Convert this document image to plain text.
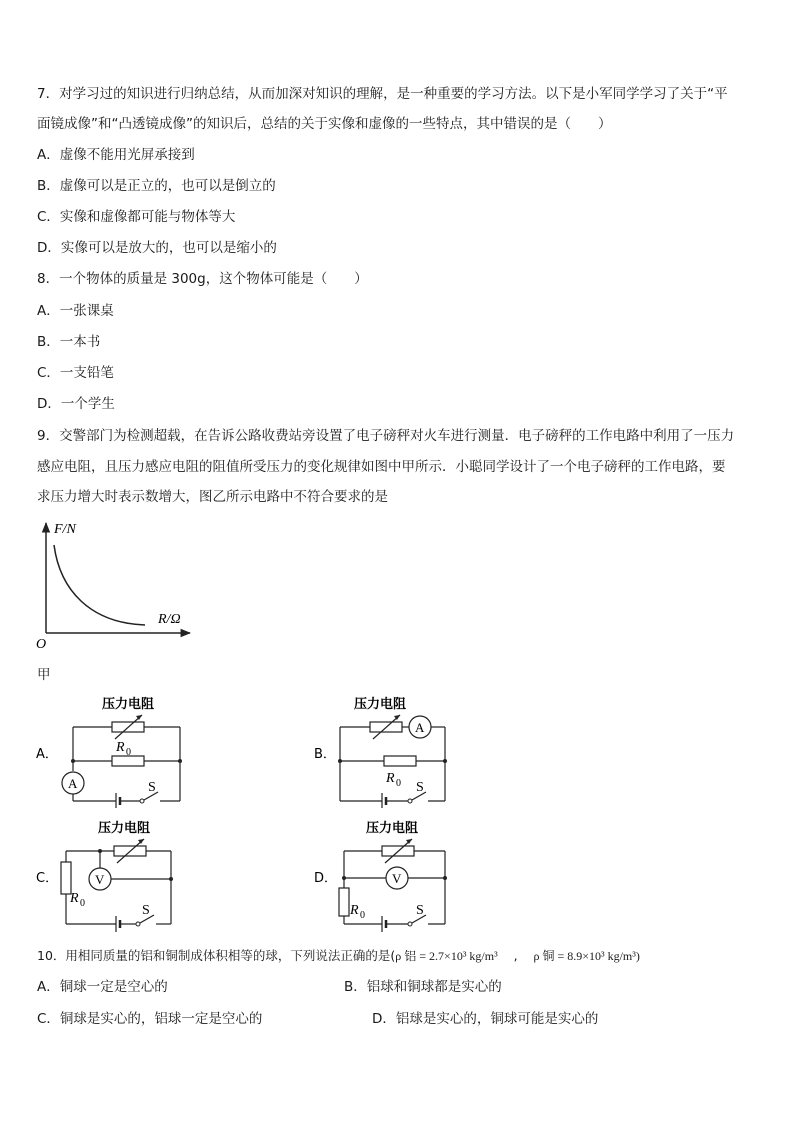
7．对学习过的知识进行归纳总结，从而加深对知识的理解，是一种重要的学习方法。以下是小军同学学习了关于“平
面镜成像”和“凸透镜成像”的知识后，总结的关于实像和虚像的一些特点，其中错误的是（　　）
A．虚像不能用光屏承接到
B．虚像可以是正立的，也可以是倒立的
C．实像和虚像都可能与物体等大
D．实像可以是放大的，也可以是缩小的
8．一个物体的质量是 300g，这个物体可能是（　　）
A．一张课桌
B．一本书
C．一支铅笔
D．一个学生
9．交警部门为检测超载，在告诉公路收费站旁设置了电子磅秤对火车进行测量．电子磅秤的工作电路中利用了一压力
感应电阻，且压力感应电阻的阻值所受压力的变化规律如图中甲所示．小聪同学设计了一个电子磅秤的工作电路，要
求压力增大时表示数增大，图乙所示电路中不符合要求的是
F/N
R/Ω
O
甲
A．
压力电阻
R 0
A	S
B．
压力电阻
A
R 0 S
C．
压力电阻
R 0
V
S
D．
压力电阻
V
R 0	S
10．用相同质量的铝和铜制成体积相等的球，下列说法正确的是(ρ 铝 = 2.7×10³ kg/m³    ,    ρ 铜 = 8.9×10³ kg/m³)
A．铜球一定是空心的	B．铝球和铜球都是实心的
C．铜球是实心的，铝球一定是空心的	D．铝球是实心的，铜球可能是实心的
